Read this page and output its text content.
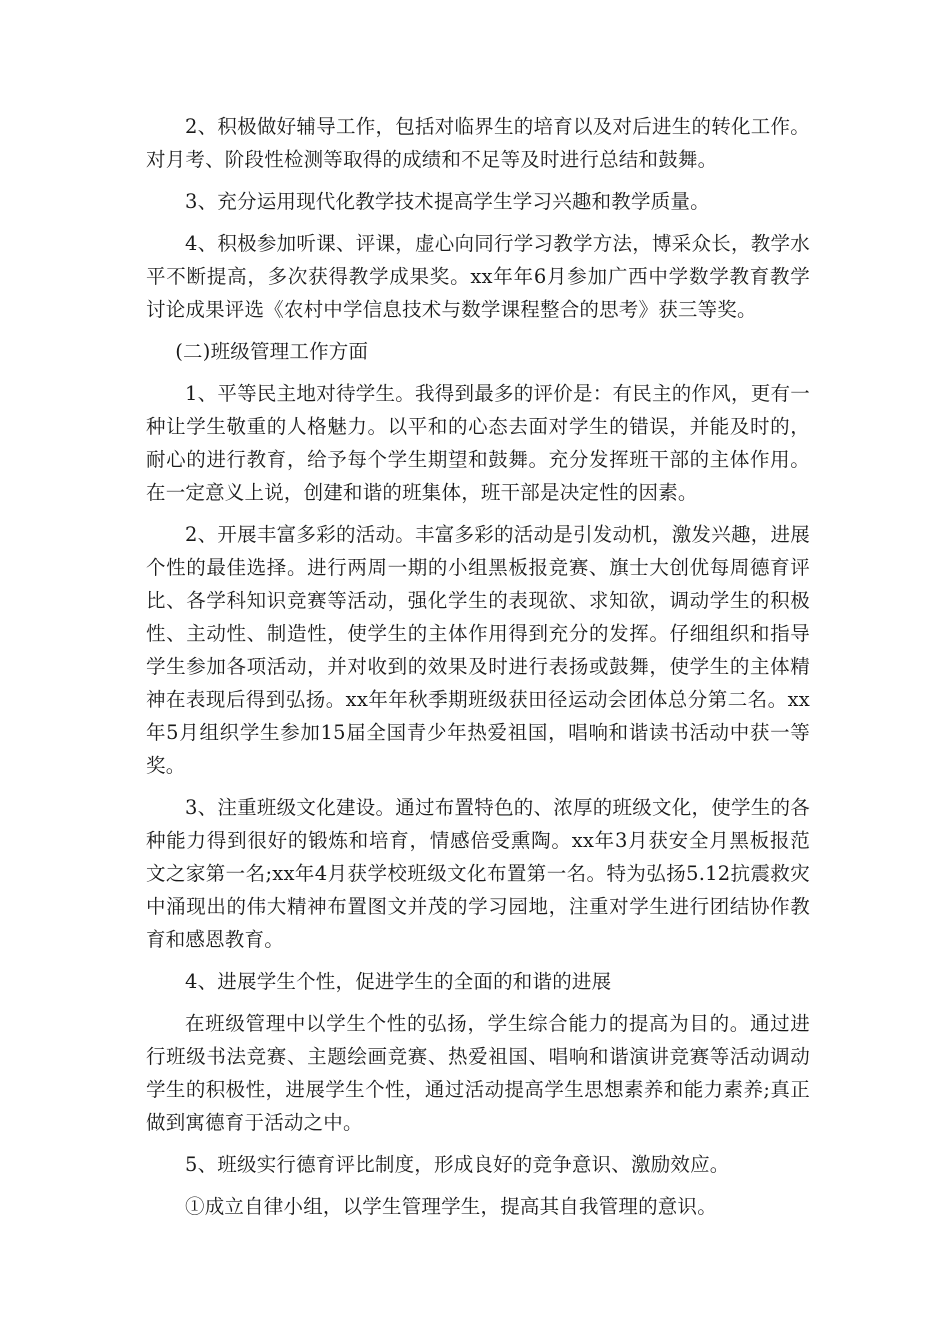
2、积极做好辅导工作，包括对临界生的培育以及对后进生的转化工作。对月考、阶段性检测等取得的成绩和不足等及时进行总结和鼓舞。

3、充分运用现代化教学技术提高学生学习兴趣和教学质量。

4、积极参加听课、评课，虚心向同行学习教学方法，博采众长，教学水平不断提高，多次获得教学成果奖。xx年年6月参加广西中学数学教育教学讨论成果评选《农村中学信息技术与数学课程整合的思考》获三等奖。

(二)班级管理工作方面

1、平等民主地对待学生。我得到最多的评价是：有民主的作风，更有一种让学生敬重的人格魅力。以平和的心态去面对学生的错误，并能及时的，耐心的进行教育，给予每个学生期望和鼓舞。充分发挥班干部的主体作用。在一定意义上说，创建和谐的班集体，班干部是决定性的因素。

2、开展丰富多彩的活动。丰富多彩的活动是引发动机，激发兴趣，进展个性的最佳选择。进行两周一期的小组黑板报竞赛、旗士大创优每周德育评比、各学科知识竞赛等活动，强化学生的表现欲、求知欲，调动学生的积极性、主动性、制造性，使学生的主体作用得到充分的发挥。仔细组织和指导学生参加各项活动，并对收到的效果及时进行表扬或鼓舞，使学生的主体精神在表现后得到弘扬。xx年年秋季期班级获田径运动会团体总分第二名。xx年5月组织学生参加15届全国青少年热爱祖国，唱响和谐读书活动中获一等奖。

3、注重班级文化建设。通过布置特色的、浓厚的班级文化，使学生的各种能力得到很好的锻炼和培育，情感倍受熏陶。xx年3月获安全月黑板报范文之家第一名;xx年4月获学校班级文化布置第一名。特为弘扬5.12抗震救灾中涌现出的伟大精神布置图文并茂的学习园地，注重对学生进行团结协作教育和感恩教育。

4、进展学生个性，促进学生的全面的和谐的进展

在班级管理中以学生个性的弘扬，学生综合能力的提高为目的。通过进行班级书法竞赛、主题绘画竞赛、热爱祖国、唱响和谐演讲竞赛等活动调动学生的积极性，进展学生个性，通过活动提高学生思想素养和能力素养;真正做到寓德育于活动之中。

5、班级实行德育评比制度，形成良好的竞争意识、激励效应。

①成立自律小组，以学生管理学生，提高其自我管理的意识。
